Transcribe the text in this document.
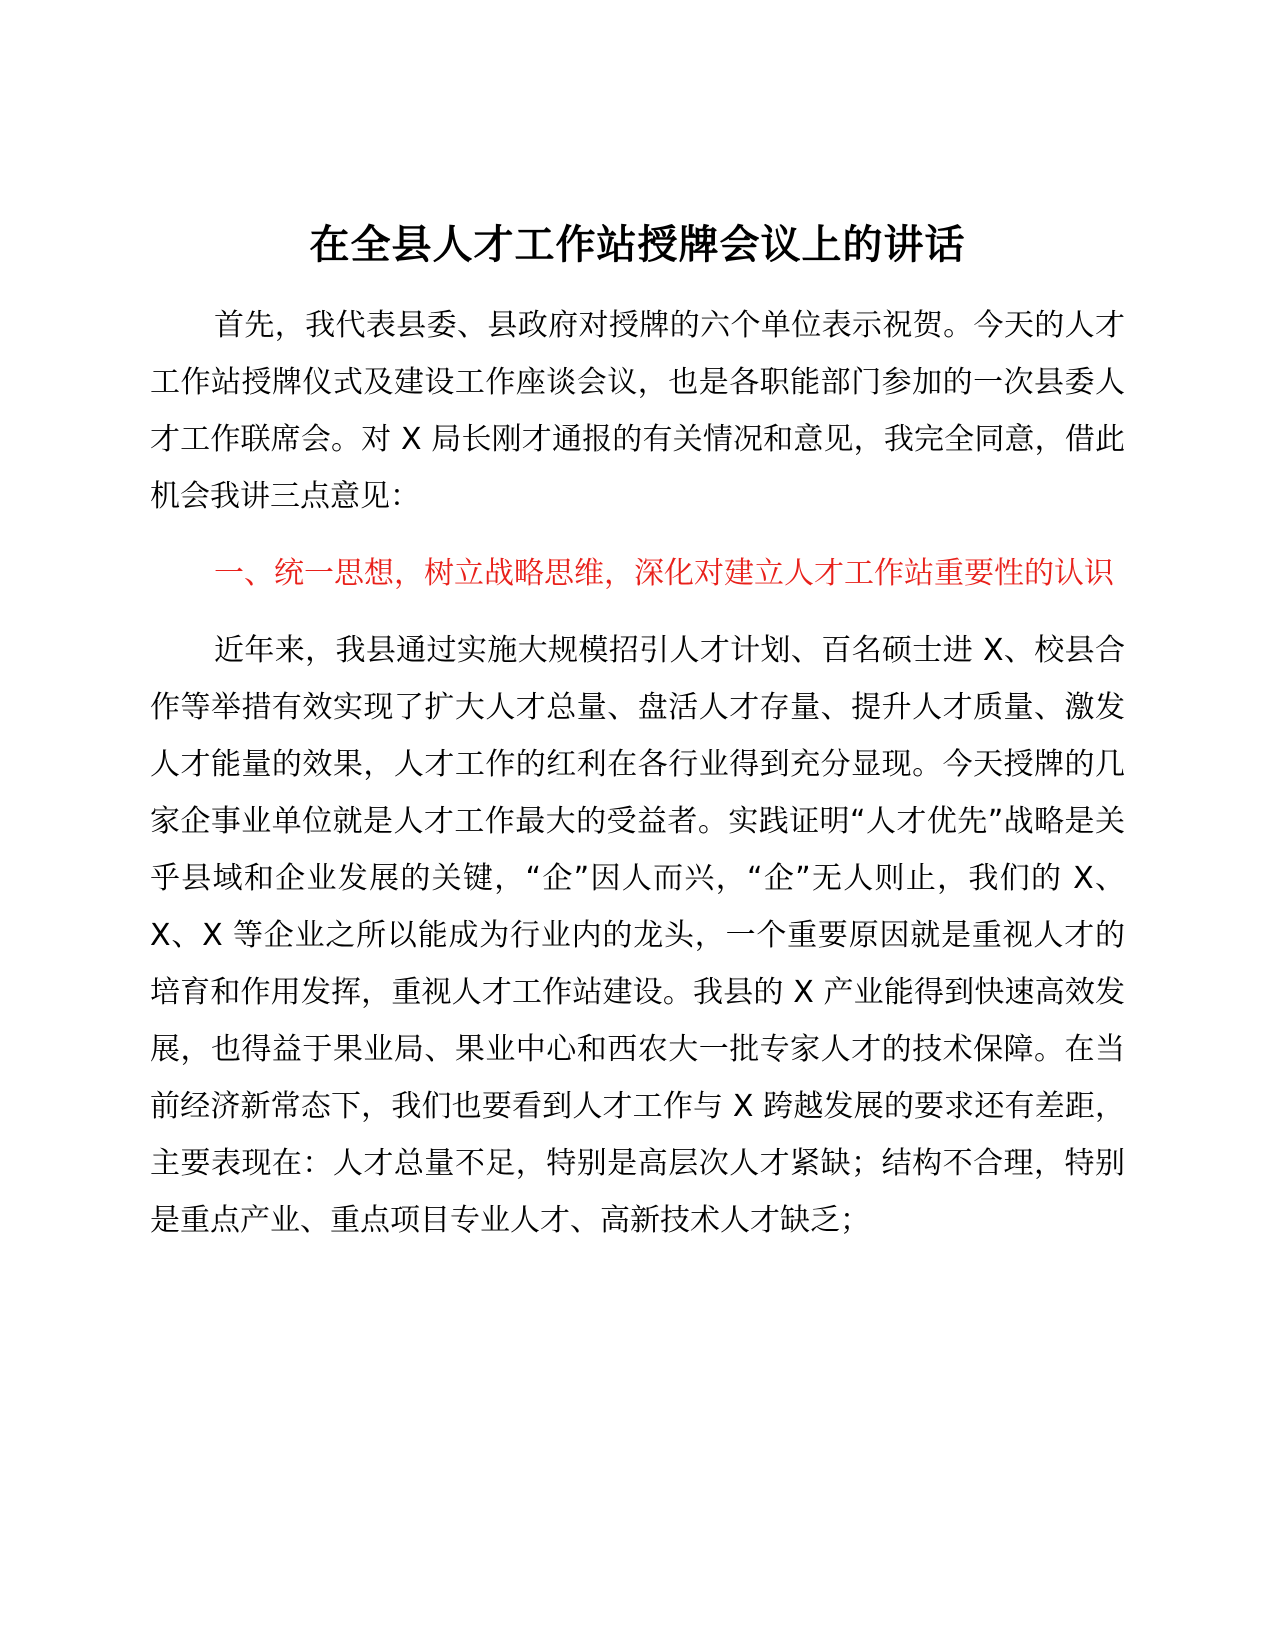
在全县人才工作站授牌会议上的讲话

首先，我代表县委、县政府对授牌的六个单位表示祝贺。今天的人才工作站授牌仪式及建设工作座谈会议，也是各职能部门参加的一次县委人才工作联席会。对 X 局长刚才通报的有关情况和意见，我完全同意，借此机会我讲三点意见：

一、统一思想，树立战略思维，深化对建立人才工作站重要性的认识

近年来，我县通过实施大规模招引人才计划、百名硕士进 X、校县合作等举措有效实现了扩大人才总量、盘活人才存量、提升人才质量、激发人才能量的效果，人才工作的红利在各行业得到充分显现。今天授牌的几家企事业单位就是人才工作最大的受益者。实践证明“人才优先”战略是关乎县域和企业发展的关键，“企”因人而兴，“企”无人则止，我们的 X、X、X 等企业之所以能成为行业内的龙头，一个重要原因就是重视人才的培育和作用发挥，重视人才工作站建设。我县的 X 产业能得到快速高效发展，也得益于果业局、果业中心和西农大一批专家人才的技术保障。在当前经济新常态下，我们也要看到人才工作与 X 跨越发展的要求还有差距，主要表现在：人才总量不足，特别是高层次人才紧缺；结构不合理，特别是重点产业、重点项目专业人才、高新技术人才缺乏；
